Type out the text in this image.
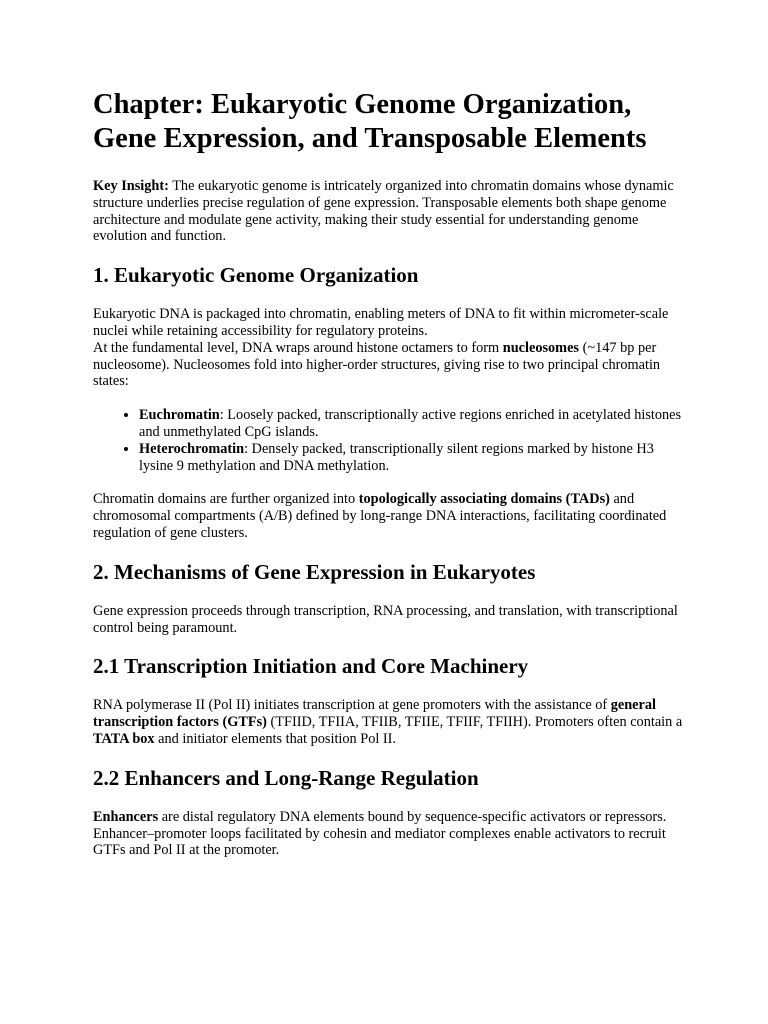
Chapter: Eukaryotic Genome Organization, Gene Expression, and Transposable Elements

Key Insight: The eukaryotic genome is intricately organized into chromatin domains whose dynamic structure underlies precise regulation of gene expression. Transposable elements both shape genome architecture and modulate gene activity, making their study essential for understanding genome evolution and function.

1. Eukaryotic Genome Organization

Eukaryotic DNA is packaged into chromatin, enabling meters of DNA to fit within micrometer-scale nuclei while retaining accessibility for regulatory proteins.
At the fundamental level, DNA wraps around histone octamers to form nucleosomes (~147 bp per nucleosome). Nucleosomes fold into higher-order structures, giving rise to two principal chromatin states:

• Euchromatin: Loosely packed, transcriptionally active regions enriched in acetylated histones and unmethylated CpG islands.
• Heterochromatin: Densely packed, transcriptionally silent regions marked by histone H3 lysine 9 methylation and DNA methylation.

Chromatin domains are further organized into topologically associating domains (TADs) and chromosomal compartments (A/B) defined by long-range DNA interactions, facilitating coordinated regulation of gene clusters.

2. Mechanisms of Gene Expression in Eukaryotes

Gene expression proceeds through transcription, RNA processing, and translation, with transcriptional control being paramount.

2.1 Transcription Initiation and Core Machinery

RNA polymerase II (Pol II) initiates transcription at gene promoters with the assistance of general transcription factors (GTFs) (TFIID, TFIIA, TFIIB, TFIIE, TFIIF, TFIIH). Promoters often contain a TATA box and initiator elements that position Pol II.

2.2 Enhancers and Long-Range Regulation

Enhancers are distal regulatory DNA elements bound by sequence-specific activators or repressors. Enhancer–promoter loops facilitated by cohesin and mediator complexes enable activators to recruit GTFs and Pol II at the promoter.
